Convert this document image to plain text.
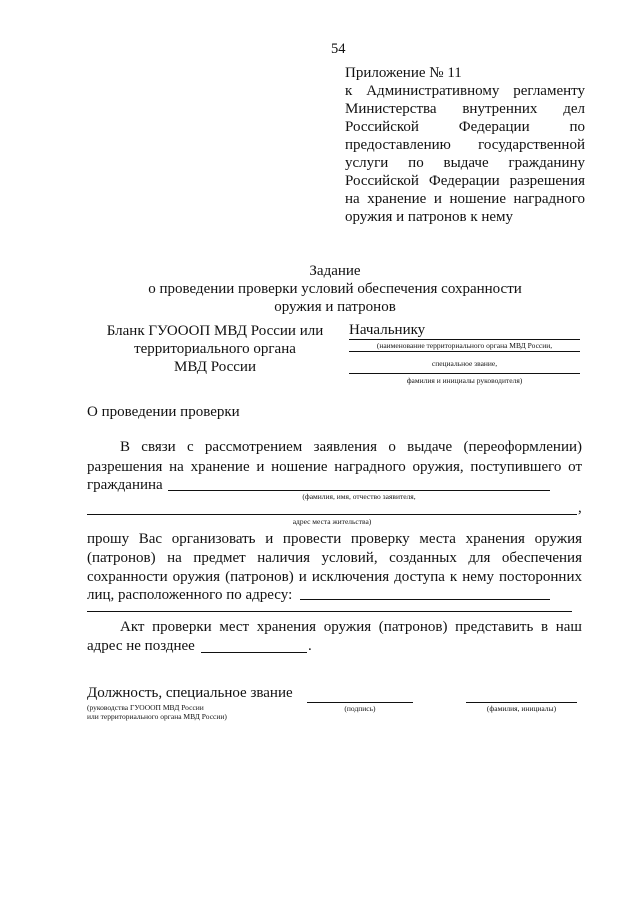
54
Приложение № 11
к Административному регламенту
Министерства внутренних дел
Российской Федерации по
предоставлению государственной
услуги по выдаче гражданину
Российской Федерации разрешения
на хранение и ношение наградного
оружия и патронов к нему
Задание
о проведении проверки условий обеспечения сохранности
оружия и патронов
Бланк ГУОООП МВД России или
территориального органа
МВД России
Начальнику
(наименование территориального органа МВД России,
специальное звание,
фамилия и инициалы руководителя)
О проведении проверки
В связи с рассмотрением заявления о выдаче (переоформлении)
разрешения на хранение и ношение наградного оружия, поступившего от
гражданина
(фамилия, имя, отчество заявителя,
,
адрес места жительства)
прошу Вас организовать и провести проверку места хранения оружия
(патронов) на предмет наличия условий, созданных для обеспечения
сохранности оружия (патронов) и исключения доступа к нему посторонних
лиц, расположенного по адресу:
Акт проверки мест хранения оружия (патронов) представить в наш
адрес не позднее	.
Должность, специальное звание
(руководства ГУОООП МВД России
или территориального органа МВД России)
(подпись)	(фамилия, инициалы)
